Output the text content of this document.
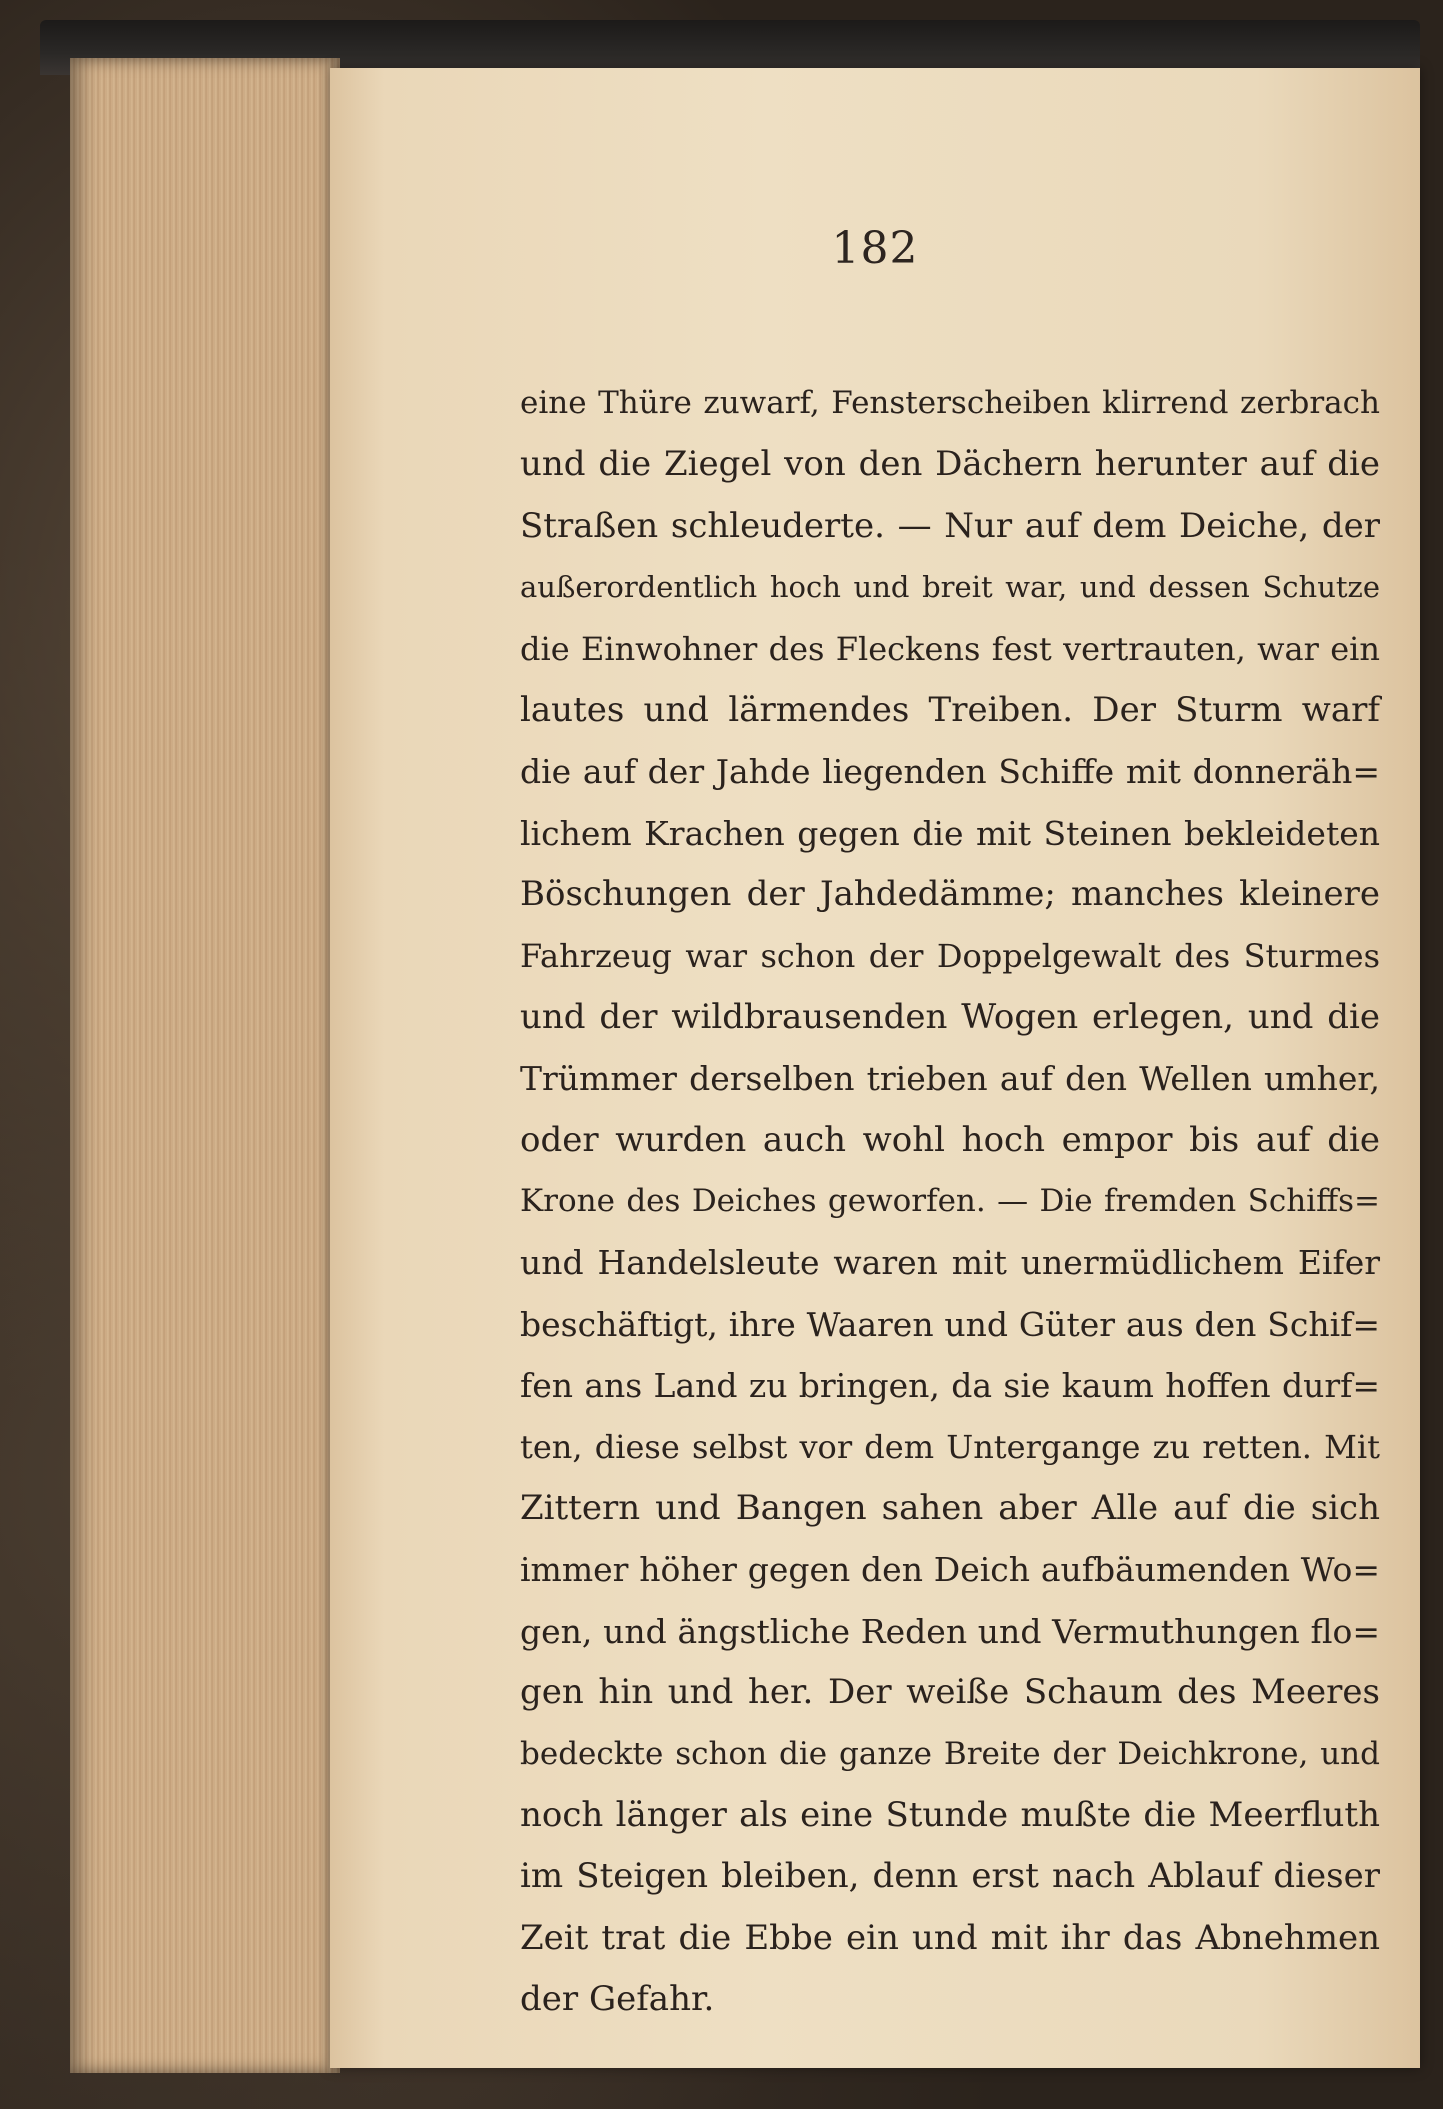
182
eine Thüre zuwarf, Fensterscheiben klirrend zerbrach
und die Ziegel von den Dächern herunter auf die
Straßen schleuderte. — Nur auf dem Deiche, der
außerordentlich hoch und breit war, und dessen Schutze
die Einwohner des Fleckens fest vertrauten, war ein
lautes und lärmendes Treiben. Der Sturm warf
die auf der Jahde liegenden Schiffe mit donneräh=
lichem Krachen gegen die mit Steinen bekleideten
Böschungen der Jahdedämme; manches kleinere
Fahrzeug war schon der Doppelgewalt des Sturmes
und der wildbrausenden Wogen erlegen, und die
Trümmer derselben trieben auf den Wellen umher,
oder wurden auch wohl hoch empor bis auf die
Krone des Deiches geworfen. — Die fremden Schiffs=
und Handelsleute waren mit unermüdlichem Eifer
beschäftigt, ihre Waaren und Güter aus den Schif=
fen ans Land zu bringen, da sie kaum hoffen durf=
ten, diese selbst vor dem Untergange zu retten. Mit
Zittern und Bangen sahen aber Alle auf die sich
immer höher gegen den Deich aufbäumenden Wo=
gen, und ängstliche Reden und Vermuthungen flo=
gen hin und her. Der weiße Schaum des Meeres
bedeckte schon die ganze Breite der Deichkrone, und
noch länger als eine Stunde mußte die Meerfluth
im Steigen bleiben, denn erst nach Ablauf dieser
Zeit trat die Ebbe ein und mit ihr das Abnehmen
der Gefahr.
